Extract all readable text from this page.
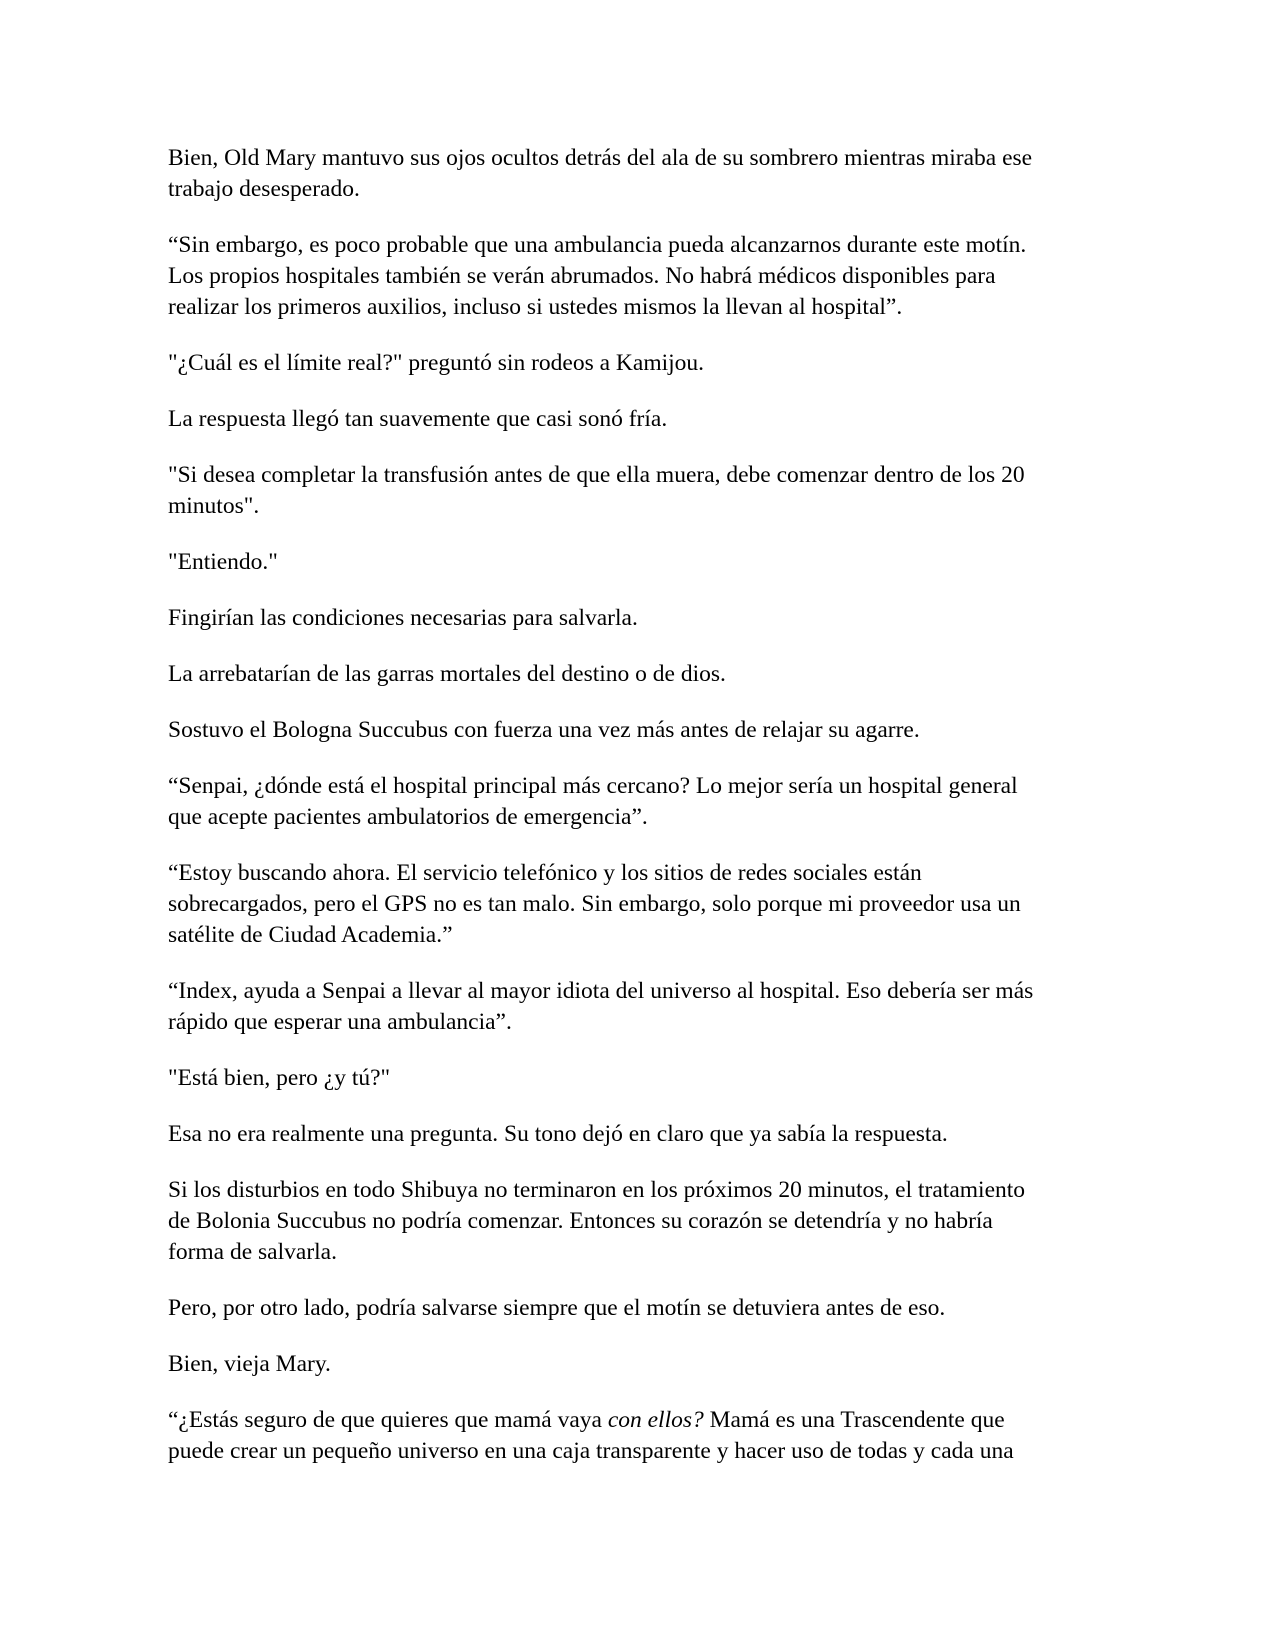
Bien, Old Mary mantuvo sus ojos ocultos detrás del ala de su sombrero mientras miraba ese
trabajo desesperado.

“Sin embargo, es poco probable que una ambulancia pueda alcanzarnos durante este motín.
Los propios hospitales también se verán abrumados. No habrá médicos disponibles para
realizar los primeros auxilios, incluso si ustedes mismos la llevan al hospital”.

"¿Cuál es el límite real?" preguntó sin rodeos a Kamijou.

La respuesta llegó tan suavemente que casi sonó fría.

"Si desea completar la transfusión antes de que ella muera, debe comenzar dentro de los 20
minutos".

"Entiendo."

Fingirían las condiciones necesarias para salvarla.

La arrebatarían de las garras mortales del destino o de dios.

Sostuvo el Bologna Succubus con fuerza una vez más antes de relajar su agarre.

“Senpai, ¿dónde está el hospital principal más cercano? Lo mejor sería un hospital general
que acepte pacientes ambulatorios de emergencia”.

“Estoy buscando ahora. El servicio telefónico y los sitios de redes sociales están
sobrecargados, pero el GPS no es tan malo. Sin embargo, solo porque mi proveedor usa un
satélite de Ciudad Academia.”

“Index, ayuda a Senpai a llevar al mayor idiota del universo al hospital. Eso debería ser más
rápido que esperar una ambulancia”.

"Está bien, pero ¿y tú?"

Esa no era realmente una pregunta. Su tono dejó en claro que ya sabía la respuesta.

Si los disturbios en todo Shibuya no terminaron en los próximos 20 minutos, el tratamiento
de Bolonia Succubus no podría comenzar. Entonces su corazón se detendría y no habría
forma de salvarla.

Pero, por otro lado, podría salvarse siempre que el motín se detuviera antes de eso.

Bien, vieja Mary.

“¿Estás seguro de que quieres que mamá vaya con ellos? Mamá es una Trascendente que
puede crear un pequeño universo en una caja transparente y hacer uso de todas y cada una
